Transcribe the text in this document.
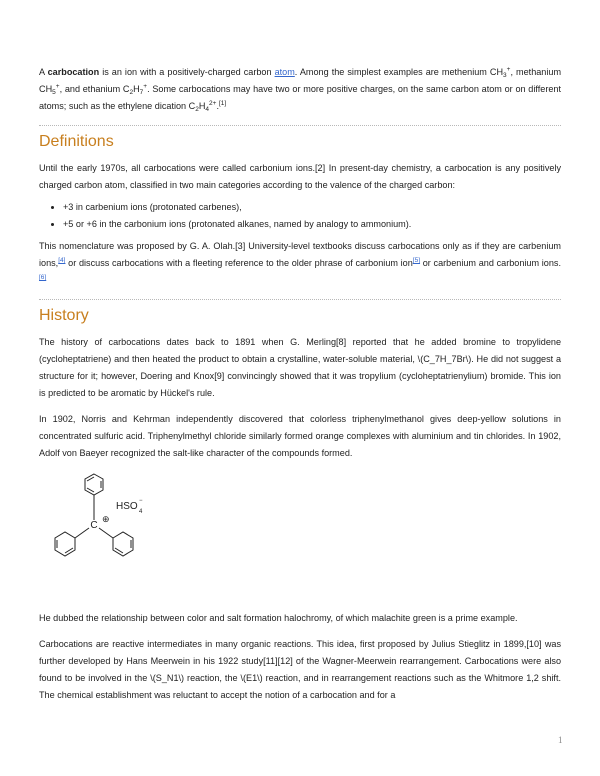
A carbocation is an ion with a positively-charged carbon atom. Among the simplest examples are methenium $CH_3^+$, methanium $CH_5^+$, and ethanium $C_2H_7^+$. Some carbocations may have two or more positive charges, on the same carbon atom or on different atoms; such as the ethylene dication $C_2H_4^{2+}.[1]$

Definitions

Until the early 1970s, all carbocations were called carbonium ions.[2] In present-day chemistry, a carbocation is any positively charged carbon atom, classified in two main categories according to the valence of the charged carbon:

• +3 in carbenium ions (protonated carbenes),
• +5 or +6 in the carbonium ions (protonated alkanes, named by analogy to ammonium).

This nomenclature was proposed by G. A. Olah.[3] University-level textbooks discuss carbocations only as if they are carbenium ions,[4] or discuss carbocations with a fleeting reference to the older phrase of carbonium ion[5] or carbenium and carbonium ions.[6]

History

The history of carbocations dates back to 1891 when G. Merling[8] reported that he added bromine to tropylidene (cycloheptatriene) and then heated the product to obtain a crystalline, water-soluble material, \(C_7H_7Br\). He did not suggest a structure for it; however, Doering and Knox[9] convincingly showed that it was tropylium (cycloheptatrienylium) bromide. This ion is predicted to be aromatic by Hückel's rule.

In 1902, Norris and Kehrman independently discovered that colorless triphenylmethanol gives deep-yellow solutions in concentrated sulfuric acid. Triphenylmethyl chloride similarly formed orange complexes with aluminium and tin chlorides. In 1902, Adolf von Baeyer recognized the salt-like character of the compounds formed.

He dubbed the relationship between color and salt formation halochromy, of which malachite green is a prime example.

Carbocations are reactive intermediates in many organic reactions. This idea, first proposed by Julius Stieglitz in 1899,[10] was further developed by Hans Meerwein in his 1922 study[11][12] of the Wagner-Meerwein rearrangement. Carbocations were also found to be involved in the \(S_N1\) reaction, the \(E1\) reaction, and in rearrangement reactions such as the Whitmore 1,2 shift. The chemical establishment was reluctant to accept the notion of a carbocation and for a

C
⊕
HSO 4
−
1
